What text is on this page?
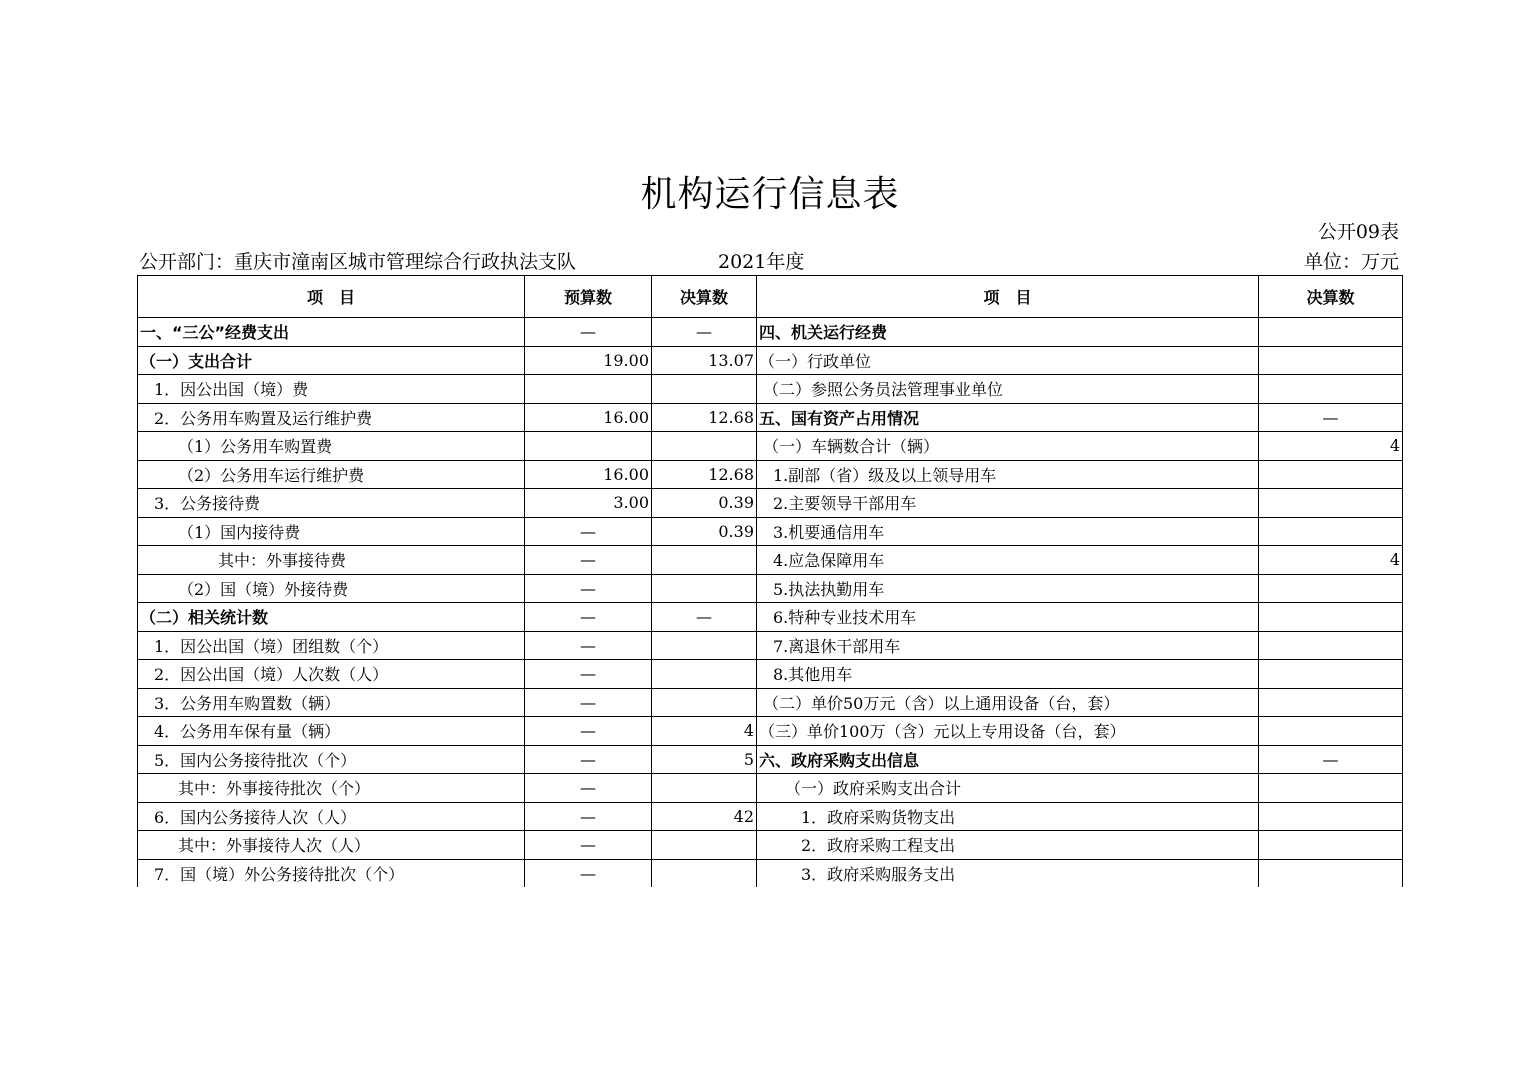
机构运行信息表
公开09表
公开部门：重庆市潼南区城市管理综合行政执法支队	2021年度	单位：万元
项　目	预算数	决算数	项　目	决算数
一、“三公”经费支出	—	—	四、机关运行经费	
（一）支出合计	19.00	13.07	（一）行政单位	
1．因公出国（境）费			（二）参照公务员法管理事业单位	
2．公务用车购置及运行维护费	16.00	12.68	五、国有资产占用情况	—
（1）公务用车购置费			（一）车辆数合计（辆）	4
（2）公务用车运行维护费	16.00	12.68	1.副部（省）级及以上领导用车	
3．公务接待费	3.00	0.39	2.主要领导干部用车	
（1）国内接待费	—	0.39	3.机要通信用车	
其中：外事接待费	—		4.应急保障用车	4
（2）国（境）外接待费	—		5.执法执勤用车	
（二）相关统计数	—	—	6.特种专业技术用车	
1．因公出国（境）团组数（个）	—		7.离退休干部用车	
2．因公出国（境）人次数（人）	—		8.其他用车	
3．公务用车购置数（辆）	—		（二）单价50万元（含）以上通用设备（台，套）	
4．公务用车保有量（辆）	—	4	（三）单价100万（含）元以上专用设备（台，套）	
5．国内公务接待批次（个）	—	5	六、政府采购支出信息	—
其中：外事接待批次（个）	—		（一）政府采购支出合计	
6．国内公务接待人次（人）	—	42	1．政府采购货物支出	
其中：外事接待人次（人）	—		2．政府采购工程支出	
7．国（境）外公务接待批次（个）	—		3．政府采购服务支出	
